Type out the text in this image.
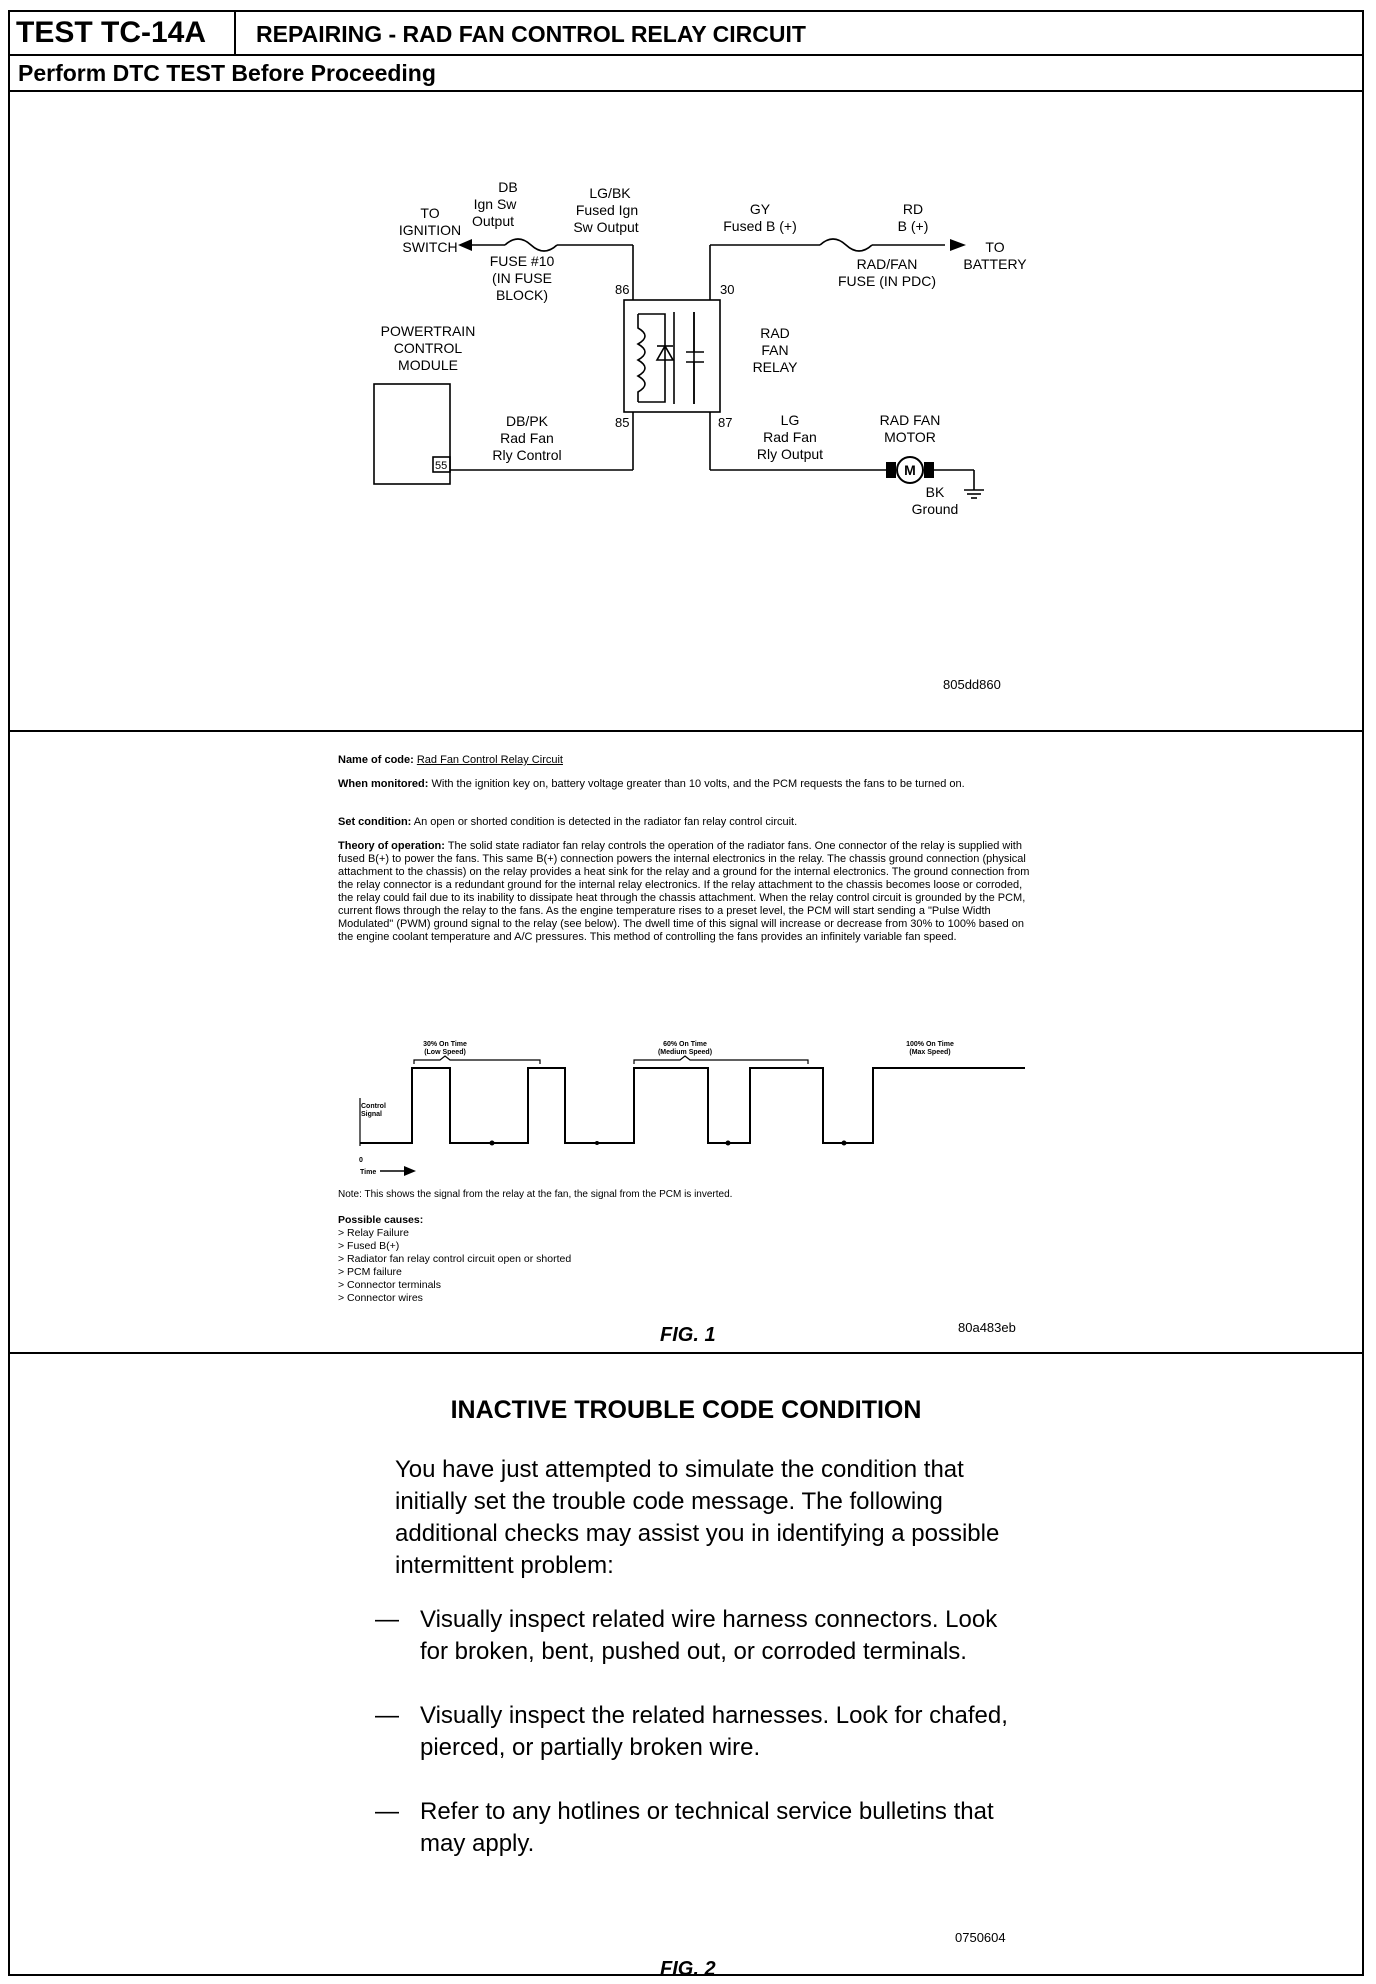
TEST TC-14A	REPAIRING - RAD FAN CONTROL RELAY CIRCUIT
Perform DTC TEST Before Proceeding
TO
IGNITION
SWITCH
DB
Ign Sw
Output
LG/BK
Fused Ign
Sw Output
FUSE #10
(IN FUSE
BLOCK)
GY
Fused B (+)
RD
B (+)
TO
BATTERY
RAD/FAN
FUSE (IN PDC)
POWERTRAIN
CONTROL
MODULE
RAD
FAN
RELAY
DB/PK
Rad Fan
Rly Control
LG
Rad Fan
Rly Output
RAD FAN
MOTOR
BK
Ground
86	30
85	87
805dd860
55	M
Name of code: Rad Fan Control Relay Circuit
When monitored: With the ignition key on, battery voltage greater than 10 volts, and the PCM requests the fans to be turned on.
Set condition: An open or shorted condition is detected in the radiator fan relay control circuit.
Theory of operation: The solid state radiator fan relay controls the operation of the radiator fans. One connector of the relay is supplied with fused B(+) to power the fans. This same B(+) connection powers the internal electronics in the relay. The chassis ground connection (physical attachment to the chassis) on the relay provides a heat sink for the relay and a ground for the internal electronics. The ground connection from the relay connector is a redundant ground for the internal relay electronics. If the relay attachment to the chassis becomes loose or corroded, the relay could fail due to its inability to dissipate heat through the chassis attachment. When the relay control circuit is grounded by the PCM, current flows through the relay to the fans. As the engine temperature rises to a preset level, the PCM will start sending a "Pulse Width Modulated" (PWM) ground signal to the relay (see below). The dwell time of this signal will increase or decrease from 30% to 100% based on the engine coolant temperature and A/C pressures. This method of controlling the fans provides an infinitely variable fan speed.
30% On Time
(Low Speed)
60% On Time
(Medium Speed)
100% On Time
(Max Speed)
Control
Signal
0
Time
Note: This shows the signal from the relay at the fan, the signal from the PCM is inverted.
Possible causes:
> Relay Failure
> Fused B(+)
> Radiator fan relay control circuit open or shorted
> PCM failure
> Connector terminals
> Connector wires
FIG. 1	80a483eb
INACTIVE TROUBLE CODE CONDITION
You have just attempted to simulate the condition that initially set the trouble code message. The following additional checks may assist you in identifying a possible intermittent problem:
— Visually inspect related wire harness connectors. Look for broken, bent, pushed out, or corroded terminals.
— Visually inspect the related harnesses. Look for chafed, pierced, or partially broken wire.
— Refer to any hotlines or technical service bulletins that may apply.
0750604
FIG. 2
